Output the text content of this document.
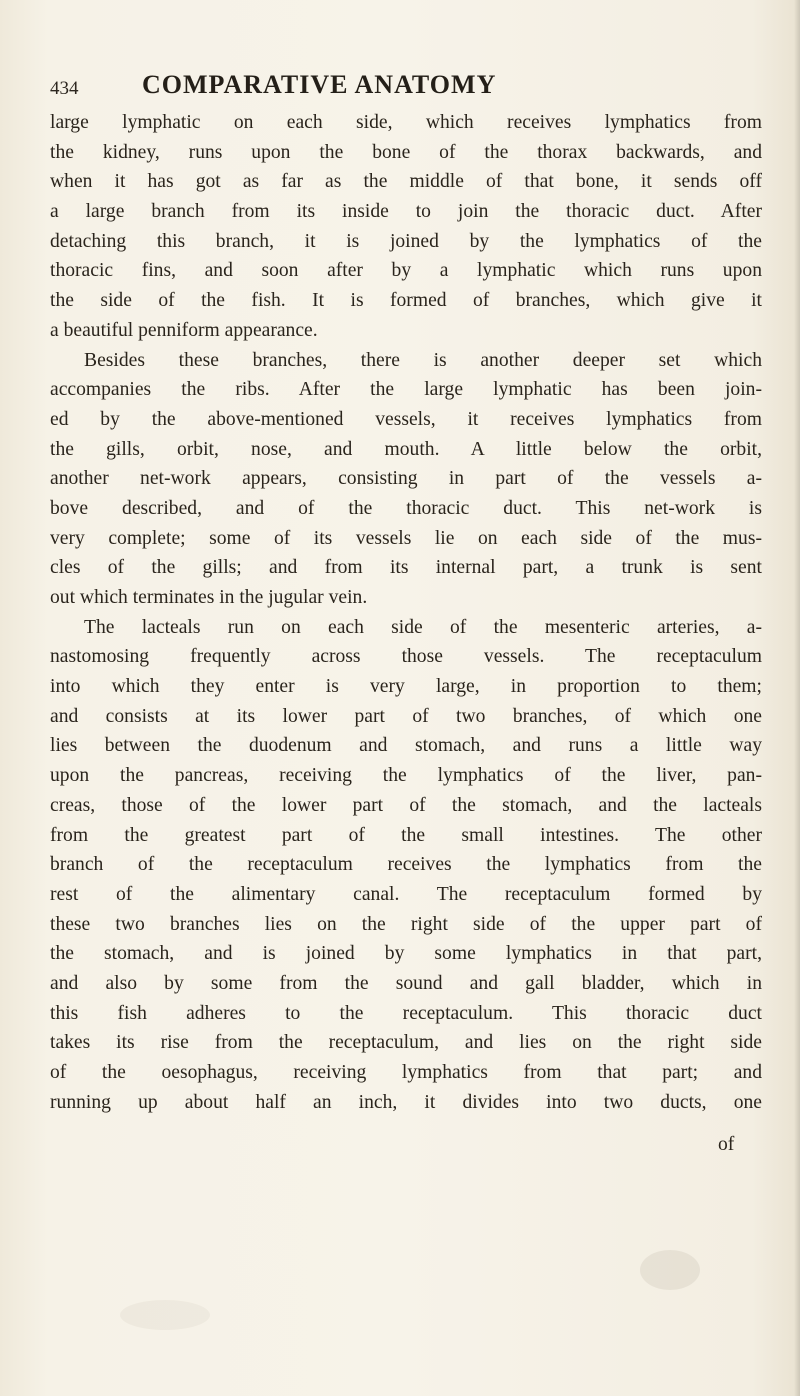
434 COMPARATIVE ANATOMY
large lymphatic on each side, which receives lymphatics from
the kidney, runs upon the bone of the thorax backwards, and
when it has got as far as the middle of that bone, it sends off
a large branch from its inside to join the thoracic duct. After
detaching this branch, it is joined by the lymphatics of the
thoracic fins, and soon after by a lymphatic which runs upon
the side of the fish. It is formed of branches, which give it
a beautiful penniform appearance.
Besides these branches, there is another deeper set which
accompanies the ribs. After the large lymphatic has been join-
ed by the above-mentioned vessels, it receives lymphatics from
the gills, orbit, nose, and mouth. A little below the orbit,
another net-work appears, consisting in part of the vessels a-
bove described, and of the thoracic duct. This net-work is
very complete; some of its vessels lie on each side of the mus-
cles of the gills; and from its internal part, a trunk is sent
out which terminates in the jugular vein.
The lacteals run on each side of the mesenteric arteries, a-
nastomosing frequently across those vessels. The receptaculum
into which they enter is very large, in proportion to them;
and consists at its lower part of two branches, of which one
lies between the duodenum and stomach, and runs a little way
upon the pancreas, receiving the lymphatics of the liver, pan-
creas, those of the lower part of the stomach, and the lacteals
from the greatest part of the small intestines. The other
branch of the receptaculum receives the lymphatics from the
rest of the alimentary canal. The receptaculum formed by
these two branches lies on the right side of the upper part of
the stomach, and is joined by some lymphatics in that part,
and also by some from the sound and gall bladder, which in
this fish adheres to the receptaculum. This thoracic duct
takes its rise from the receptaculum, and lies on the right side
of the oesophagus, receiving lymphatics from that part; and
running up about half an inch, it divides into two ducts, one
of
